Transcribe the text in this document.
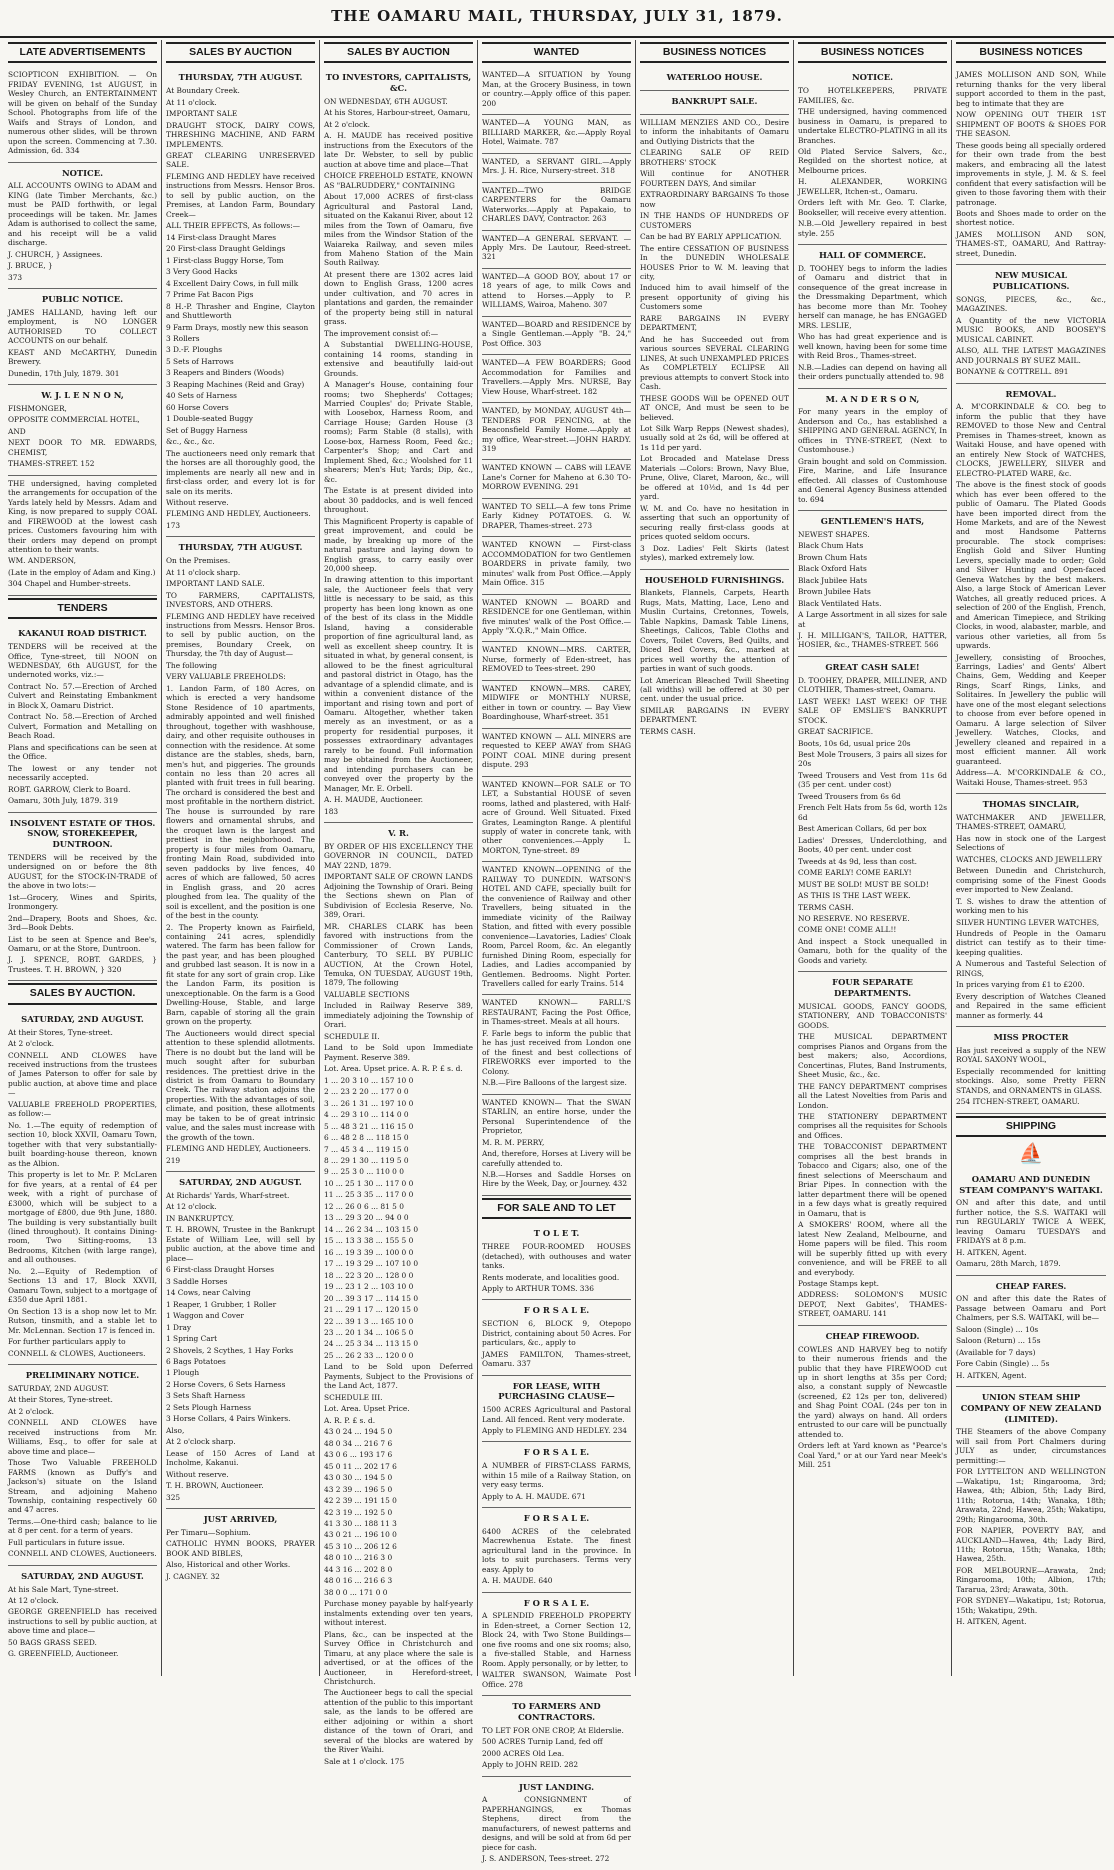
THE OAMARU MAIL, THURSDAY, JULY 31, 1879.
LATE ADVERTISEMENTS

SCIOPTICON EXHIBITION. — On FRIDAY EVENING, 1st AUGUST, in Wesley Church, an ENTERTAINMENT will be given on behalf of the Sunday School. Photographs from life of the Waifs and Strays of London, and numerous other slides, will be thrown upon the screen. Commencing at 7.30. Admission, 6d. 334

NOTICE.

ALL ACCOUNTS OWING to ADAM and KING (late Timber Merchants, &c.) must be PAID forthwith, or legal proceedings will be taken. Mr. James Adam is authorised to collect the same, and his receipt will be a valid discharge.

J. CHURCH, } Assignees.

J. BRUCE, }

373

PUBLIC NOTICE.

JAMES HALLAND, having left our employment, is NO LONGER AUTHORISED TO COLLECT ACCOUNTS on our behalf.

KEAST AND McCARTHY, Dunedin Brewery.

Dunedin, 17th July, 1879. 301

W. J. L E N N O N,

FISHMONGER,

OPPOSITE COMMERCIAL HOTEL,

AND

NEXT DOOR TO MR. EDWARDS, CHEMIST,

THAMES-STREET. 152

THE undersigned, having completed the arrangements for occupation of the Yards lately held by Messrs. Adam and King, is now prepared to supply COAL and FIREWOOD at the lowest cash prices. Customers favouring him with their orders may depend on prompt attention to their wants.

WM. ANDERSON,

(Late in the employ of Adam and King.)

304 Chapel and Humber-streets.

TENDERS
KAKANUI ROAD DISTRICT.

TENDERS will be received at the Office, Tyne-street, till NOON on WEDNESDAY, 6th AUGUST, for the undernoted works, viz.:—

Contract No. 57.—Erection of Arched Culvert and Reinstating Embankment in Block X, Oamaru District.

Contract No. 58.—Erection of Arched Culvert, Formation and Metalling on Beach Road.

Plans and specifications can be seen at the Office.

The lowest or any tender not necessarily accepted.

ROBT. GARROW, Clerk to Board.

Oamaru, 30th July, 1879. 319

INSOLVENT ESTATE OF THOS. SNOW, STOREKEEPER, DUNTROON.

TENDERS will be received by the undersigned on or before the 8th AUGUST, for the STOCK-IN-TRADE of the above in two lots:—

1st—Grocery, Wines and Spirits, Ironmongery.

2nd—Drapery, Boots and Shoes, &c. 3rd—Book Debts.

List to be seen at Spence and Bee's, Oamaru, or at the Store, Duntroon.

J. J. SPENCE, ROBT. GARDES, } Trustees. T. H. BROWN, } 320

SALES BY AUCTION.
SATURDAY, 2ND AUGUST.

At their Stores, Tyne-street.

At 2 o'clock.

CONNELL AND CLOWES have received instructions from the trustees of James Paterson to offer for sale by public auction, at above time and place—

VALUABLE FREEHOLD PROPERTIES, as follow:—

No. 1.—The equity of redemption of section 10, block XXVII, Oamaru Town, together with that very substantially-built boarding-house thereon, known as the Albion.

This property is let to Mr. P. McLaren for five years, at a rental of £4 per week, with a right of purchase of £3000, which will be subject to a mortgage of £800, due 9th June, 1880. The building is very substantially built (lined throughout). It contains Dining-room, Two Sitting-rooms, 13 Bedrooms, Kitchen (with large range), and all outhouses.

No. 2.—Equity of Redemption of Sections 13 and 17, Block XXVII, Oamaru Town, subject to a mortgage of £350 due April 1881.

On Section 13 is a shop now let to Mr. Rutson, tinsmith, and a stable let to Mr. McLennan. Section 17 is fenced in.

For further particulars apply to

CONNELL & CLOWES, Auctioneers.

PRELIMINARY NOTICE.

SATURDAY, 2ND AUGUST.

At their Stores, Tyne-street.

At 2 o'clock.

CONNELL AND CLOWES have received instructions from Mr. Williams, Esq., to offer for sale at above time and place—

Those Two Valuable FREEHOLD FARMS (known as Duffy's and Jackson's) situate on the Island Stream, and adjoining Maheno Township, containing respectively 60 and 47 acres.

Terms.—One-third cash; balance to lie at 8 per cent. for a term of years.

Full particulars in future issue.

CONNELL AND CLOWES, Auctioneers.

SATURDAY, 2ND AUGUST.

At his Sale Mart, Tyne-street.

At 12 o'clock.

GEORGE GREENFIELD has received instructions to sell by public auction, at above time and place—

50 BAGS GRASS SEED.

G. GREENFIELD, Auctioneer.

SALES BY AUCTION
THURSDAY, 7TH AUGUST.

At Boundary Creek.

At 11 o'clock.

IMPORTANT SALE

DRAUGHT STOCK, DAIRY COWS, THRESHING MACHINE, AND FARM IMPLEMENTS.

GREAT CLEARING UNRESERVED SALE.

FLEMING AND HEDLEY have received instructions from Messrs. Hensor Bros. to sell by public auction, on the Premises, at Landon Farm, Boundary Creek—

ALL THEIR EFFECTS, As follows:—

14 First-class Draught Mares

20 First-class Draught Geldings

1 First-class Buggy Horse, Tom

3 Very Good Hacks

4 Excellent Dairy Cows, in full milk

7 Prime Fat Bacon Pigs

8 H.-P. Thrasher and Engine, Clayton and Shuttleworth

9 Farm Drays, mostly new this season

3 Rollers

3 D.-F. Ploughs

5 Sets of Harrows

3 Reapers and Binders (Woods)

3 Reaping Machines (Reid and Gray)

40 Sets of Harness

60 Horse Covers

1 Double-seated Buggy

Set of Buggy Harness

&c., &c., &c.

The auctioneers need only remark that the horses are all thoroughly good, the implements are nearly all new and in first-class order, and every lot is for sale on its merits.

Without reserve.

FLEMING AND HEDLEY, Auctioneers.

173

THURSDAY, 7TH AUGUST.

On the Premises.

At 11 o'clock sharp.

IMPORTANT LAND SALE.

TO FARMERS, CAPITALISTS, INVESTORS, AND OTHERS.

FLEMING AND HEDLEY have received instructions from Messrs. Hensor Bros. to sell by public auction, on the premises, Boundary Creek, on Thursday, the 7th day of August—

The following

VERY VALUABLE FREEHOLDS:

1. Landon Farm, of 180 Acres, on which is erected a very handsome Stone Residence of 10 apartments, admirably appointed and well finished throughout, together with washhouse, dairy, and other requisite outhouses in connection with the residence. At some distance are the stables, sheds, barn, men's hut, and piggeries. The grounds contain no less than 20 acres all planted with fruit trees in full bearing. The orchard is considered the best and most profitable in the northern district. The house is surrounded by rare flowers and ornamental shrubs, and the croquet lawn is the largest and prettiest in the neighborhood. The property is four miles from Oamaru, fronting Main Road, subdivided into seven paddocks by live fences, 40 acres of which are fallowed, 50 acres in English grass, and 20 acres ploughed from lea. The quality of the soil is excellent, and the position is one of the best in the county.

2. The Property known as Fairfield, containing 241 acres, splendidly watered. The farm has been fallow for the past year, and has been ploughed and grubbed last season. It is now in a fit state for any sort of grain crop. Like the Landon Farm, its position is unexceptionable. On the farm is a Good Dwelling-House, Stable, and large Barn, capable of storing all the grain grown on the property.

The Auctioneers would direct special attention to these splendid allotments. There is no doubt but the land will be much sought after for suburban residences. The prettiest drive in the district is from Oamaru to Boundary Creek. The railway station adjoins the properties. With the advantages of soil, climate, and position, these allotments may be taken to be of great intrinsic value, and the sales must increase with the growth of the town.

FLEMING AND HEDLEY, Auctioneers.

219

SATURDAY, 2ND AUGUST.

At Richards' Yards, Wharf-street.

At 12 o'clock.

IN BANKRUPTCY.

T. H. BROWN, Trustee in the Bankrupt Estate of William Lee, will sell by public auction, at the above time and place—

6 First-class Draught Horses

3 Saddle Horses

14 Cows, near Calving

1 Reaper, 1 Grubber, 1 Roller

1 Waggon and Cover

1 Dray

1 Spring Cart

2 Shovels, 2 Scythes, 1 Hay Forks

6 Bags Potatoes

1 Plough

2 Horse Covers, 6 Sets Harness

3 Sets Shaft Harness

2 Sets Plough Harness

3 Horse Collars, 4 Pairs Winkers.

Also,

At 2 o'clock sharp.

Lease of 150 Acres of Land at Incholme, Kakanui.

Without reserve.

T. H. BROWN, Auctioneer.

325

JUST ARRIVED,

Per Timaru—Sophium.

CATHOLIC HYMN BOOKS, PRAYER BOOK AND BIBLES,

Also, Historical and other Works.

J. CAGNEY. 32

SALES BY AUCTION
TO INVESTORS, CAPITALISTS, &C.

ON WEDNESDAY, 6TH AUGUST.

At his Stores, Harbour-street, Oamaru,

At 2 o'clock.

A. H. MAUDE has received positive instructions from the Executors of the late Dr. Webster, to sell by public auction at above time and place—That

CHOICE FREEHOLD ESTATE, KNOWN AS "BALRUDDERY," CONTAINING

About 17,000 ACRES of first-class Agricultural and Pastoral Land, situated on the Kakanui River, about 12 miles from the Town of Oamaru, five miles from the Windsor Station of the Waiareka Railway, and seven miles from Maheno Station of the Main South Railway.

At present there are 1302 acres laid down to English Grass, 1200 acres under cultivation, and 70 acres in plantations and garden, the remainder of the property being still in natural grass.

The improvement consist of:—

A Substantial DWELLING-HOUSE, containing 14 rooms, standing in extensive and beautifully laid-out Grounds.

A Manager's House, containing four rooms; two Shepherds' Cottages; Married Couples' do; Private Stable, with Loosebox, Harness Room, and Carriage House; Garden House (3 rooms); Farm Stable (8 stalls), with Loose-box, Harness Room, Feed &c.; Carpenter's Shop; and Cart and Implement Shed, &c.; Woolshed for 11 shearers; Men's Hut; Yards; Dip, &c., &c.

The Estate is at present divided into about 30 paddocks, and is well fenced throughout.

This Magnificent Property is capable of great improvement, and could be made, by breaking up more of the natural pasture and laying down to English grass, to carry easily over 20,000 sheep.

In drawing attention to this important sale, the Auctioneer feels that very little is necessary to be said, as this property has been long known as one of the best of its class in the Middle Island, having a considerable proportion of fine agricultural land, as well as excellent sheep country. It is situated in what, by general consent, is allowed to be the finest agricultural and pastoral district in Otago, has the advantage of a splendid climate, and is within a convenient distance of the important and rising town and port of Oamaru. Altogether, whether taken merely as an investment, or as a property for residential purposes, it possesses extraordinary advantages rarely to be found. Full information may be obtained from the Auctioneer, and intending purchasers can be conveyed over the property by the Manager, Mr. E. Orbell.

A. H. MAUDE, Auctioneer.

183

V. R.

BY ORDER OF HIS EXCELLENCY THE GOVERNOR IN COUNCIL, DATED MAY 22ND, 1879.

IMPORTANT SALE OF CROWN LANDS Adjoining the Township of Orari. Being the Sections shewn on Plan of Subdivision of Ecclesia Reserve, No. 389, Orari.

MR. CHARLES CLARK has been favored with instructions from the Commissioner of Crown Lands, Canterbury, TO SELL BY PUBLIC AUCTION, At the Crown Hotel, Temuka, ON TUESDAY, AUGUST 19th, 1879, The following

VALUABLE SECTIONS

Included in Railway Reserve 389, immediately adjoining the Township of Orari.

SCHEDULE II.

Land to be Sold upon Immediate Payment. Reserve 389.

Lot. Area. Upset price. A. R. P. £ s. d.

1 ... 20 3 10 ... 157 10 0

2 ... 23 2 20 ... 177 0 0

3 ... 26 1 31 ... 197 10 0

4 ... 29 3 10 ... 114 0 0

5 ... 48 3 21 ... 116 15 0

6 ... 48 2 8 ... 118 15 0

7 ... 45 3 4 ... 119 15 0

8 ... 29 1 30 ... 119 5 0

9 ... 25 3 0 ... 110 0 0

10 ... 25 1 30 ... 117 0 0

11 ... 25 3 35 ... 117 0 0

12 ... 26 0 6 ... 81 5 0

13 ... 29 3 20 ... 94 0 0

14 ... 26 2 34 ... 103 15 0

15 ... 13 3 38 ... 155 5 0

16 ... 19 3 39 ... 100 0 0

17 ... 19 3 29 ... 107 10 0

18 ... 22 3 20 ... 128 0 0

19 ... 23 1 2 ... 103 10 0

20 ... 39 3 17 ... 114 15 0

21 ... 29 1 17 ... 120 15 0

22 ... 39 1 3 ... 165 10 0

23 ... 20 1 34 ... 106 5 0

24 ... 25 3 34 ... 113 15 0

25 ... 26 2 33 ... 120 0 0

Land to be Sold upon Deferred Payments, Subject to the Provisions of the Land Act, 1877.

SCHEDULE III.

Lot. Area. Upset Price.

A. R. P. £ s. d.

43 0 24 ... 194 5 0

48 0 34 ... 216 7 6

43 0 6 ... 193 17 6

45 0 11 ... 202 17 6

43 0 30 ... 194 5 0

43 2 39 ... 196 5 0

42 2 39 ... 191 15 0

42 3 19 ... 192 5 0

41 3 30 ... 188 11 3

43 0 21 ... 196 10 0

45 3 10 ... 206 12 6

48 0 10 ... 216 3 0

44 3 16 ... 202 8 0

48 0 16 ... 216 6 3

38 0 0 ... 171 0 0

Purchase money payable by half-yearly instalments extending over ten years, without interest.

Plans, &c., can be inspected at the Survey Office in Christchurch and Timaru, at any place where the sale is advertised, or at the offices of the Auctioneer, in Hereford-street, Christchurch.

The Auctioneer begs to call the special attention of the public to this important sale, as the lands to be offered are either adjoining or within a short distance of the town of Orari, and several of the blocks are watered by the River Waihi.

Sale at 1 o'clock. 175

WANTED

WANTED—A SITUATION by Young Man, at the Grocery Business, in town or country.—Apply office of this paper. 200

WANTED—A YOUNG MAN, as BILLIARD MARKER, &c.—Apply Royal Hotel, Waimate. 787

WANTED, a SERVANT GIRL.—Apply Mrs. J. H. Rice, Nursery-street. 318

WANTED—TWO BRIDGE CARPENTERS for the Oamaru Waterworks.—Apply at Papakaio, to CHARLES DAVY, Contractor. 263

WANTED—A GENERAL SERVANT. —Apply Mrs. De Lautour, Reed-street. 321

WANTED—A GOOD BOY, about 17 or 18 years of age, to milk Cows and attend to Horses.—Apply to P. WILLIAMS, Wairoa, Maheno. 307

WANTED—BOARD and RESIDENCE by a Single Gentleman.—Apply "B. 24," Post Office. 303

WANTED—A FEW BOARDERS; Good Accommodation for Families and Travellers.—Apply Mrs. NURSE, Bay View House, Wharf-street. 182

WANTED, by MONDAY, AUGUST 4th—TENDERS FOR FENCING, at the Beaconsfield Family Home.—Apply at my office, Wear-street.—JOHN HARDY. 319

WANTED KNOWN — CABS will LEAVE Lane's Corner for Maheno at 6.30 TO-MORROW EVENING. 291

WANTED TO SELL—A few tons Prime Early Kidney POTATOES. G. W. DRAPER, Thames-street. 273

WANTED KNOWN — First-class ACCOMMODATION for two Gentlemen BOARDERS in private family, two minutes' walk from Post Office.—Apply Main Office. 315

WANTED KNOWN — BOARD and RESIDENCE for one Gentleman, within five minutes' walk of the Post Office.—Apply "X.Q.R.," Main Office.

WANTED KNOWN—MRS. CARTER, Nurse, formerly of Eden-street, has REMOVED to Tees-street. 290

WANTED KNOWN—MRS. CAREY, MIDWIFE or MONTHLY NURSE, either in town or country. — Bay View Boardinghouse, Wharf-street. 351

WANTED KNOWN — ALL MINERS are requested to KEEP AWAY from SHAG POINT COAL MINE during present dispute. 293

WANTED KNOWN—FOR SALE or TO LET, a Substantial HOUSE of seven rooms, lathed and plastered, with Half-acre of Ground. Well Situated. Fixed Grates, Leamington Range. A plentiful supply of water in concrete tank, with other conveniences.—Apply L. MORTON, Tyne-street. 89

WANTED KNOWN—OPENING of the RAILWAY TO DUNEDIN. WATSON'S HOTEL AND CAFE, specially built for the convenience of Railway and other Travellers, being situated in the immediate vicinity of the Railway Station, and fitted with every possible convenience—Lavatories, Ladies' Cloak Room, Parcel Room, &c. An elegantly furnished Dining Room, especially for Ladies, and Ladies accompanied by Gentlemen. Bedrooms. Night Porter. Travellers called for early Trains. 514

WANTED KNOWN— FARLL'S RESTAURANT, Facing the Post Office, in Thames-street. Meals at all hours.

F. Farle begs to inform the public that he has just received from London one of the finest and best collections of FIREWORKS ever imported to the Colony.

N.B.—Fire Balloons of the largest size.

WANTED KNOWN— That the SWAN STARLIN, an entire horse, under the Personal Superintendence of the Proprietor,

M. R. M. PERRY,

And, therefore, Horses at Livery will be carefully attended to.

N.B.—Horses and Saddle Horses on Hire by the Week, Day, or Journey. 432

FOR SALE AND TO LET
T O L E T.

THREE FOUR-ROOMED HOUSES (detached), with outhouses and water tanks.

Rents moderate, and localities good.

Apply to ARTHUR TOMS. 336

F O R S A L E.

SECTION 6, BLOCK 9, Otepopo District, containing about 50 Acres. For particulars, &c., apply to

JAMES FAMILTON, Thames-street, Oamaru. 337

FOR LEASE, WITH PURCHASING CLAUSE—

1500 ACRES Agricultural and Pastoral Land. All fenced. Rent very moderate.

Apply to FLEMING AND HEDLEY. 234

F O R S A L E.

A NUMBER of FIRST-CLASS FARMS, within 15 mile of a Railway Station, on very easy terms.

Apply to A. H. MAUDE. 671

F O R S A L E.

6400 ACRES of the celebrated Macrewhenua Estate. The finest agricultural land in the province. In lots to suit purchasers. Terms very easy. Apply to

A. H. MAUDE. 640

F O R S A L E.

A SPLENDID FREEHOLD PROPERTY in Eden-street, a Corner Section 12, Block 24, with Two Stone Buildings—one five rooms and one six rooms; also, a five-stalled Stable, and Harness Room. Apply personally, or by letter, to

WALTER SWANSON, Waimate Post Office. 278

TO FARMERS AND CONTRACTORS.

TO LET FOR ONE CROP, At Elderslie.

500 ACRES Turnip Land, fed off

2000 ACRES Old Lea.

Apply to JOHN REID. 282

JUST LANDING.

A CONSIGNMENT of PAPERHANGINGS, ex Thomas Stephens, direct from the manufacturers, of newest patterns and designs, and will be sold at from 6d per piece for cash.

J. S. ANDERSON, Tees-street. 272

BUSINESS NOTICES
WATERLOO HOUSE.
BANKRUPT SALE.

WILLIAM MENZIES AND CO., Desire to inform the inhabitants of Oamaru and Outlying Districts that the

CLEARING SALE OF REID BROTHERS' STOCK

Will continue for ANOTHER FOURTEEN DAYS, And similar

EXTRAORDINARY BARGAINS To those now

IN THE HANDS OF HUNDREDS OF CUSTOMERS

Can be had BY EARLY APPLICATION.

The entire CESSATION OF BUSINESS In the DUNEDIN WHOLESALE HOUSES Prior to W. M. leaving that city,

Induced him to avail himself of the present opportunity of giving his Customers some

RARE BARGAINS IN EVERY DEPARTMENT,

And he has Succeeded out from various sources SEVERAL CLEARING LINES, At such UNEXAMPLED PRICES As COMPLETELY ECLIPSE All previous attempts to convert Stock into Cash.

THESE GOODS Will be OPENED OUT AT ONCE, And must be seen to be believed.

Lot Silk Warp Repps (Newest shades), usually sold at 2s 6d, will be offered at 1s 11d per yard.

Lot Brocaded and Matelase Dress Materials —Colors: Brown, Navy Blue, Prune, Olive, Claret, Maroon, &c., will be offered at 10½d, and 1s 4d per yard.

W. M. and Co. have no hesitation in asserting that such an opportunity of securing really first-class goods at prices quoted seldom occurs.

3 Doz. Ladies' Felt Skirts (latest styles), marked extremely low.

HOUSEHOLD FURNISHINGS.

Blankets, Flannels, Carpets, Hearth Rugs, Mats, Matting, Lace, Leno and Muslin Curtains, Cretonnes, Towels, Table Napkins, Damask Table Linens, Sheetings, Calicos, Table Cloths and Covers, Toilet Covers, Bed Quilts, and Diced Bed Covers, &c., marked at prices well worthy the attention of parties in want of such goods.

Lot American Bleached Twill Sheeting (all widths) will be offered at 30 per cent. under the usual price.

SIMILAR BARGAINS IN EVERY DEPARTMENT.

TERMS CASH.

BUSINESS NOTICES
NOTICE.

TO HOTELKEEPERS, PRIVATE FAMILIES, &c.

THE undersigned, having commenced business in Oamaru, is prepared to undertake ELECTRO-PLATING in all its Branches.

Old Plated Service Salvers, &c., Regilded on the shortest notice, at Melbourne prices.

H. ALEXANDER, WORKING JEWELLER, Itchen-st., Oamaru.

Orders left with Mr. Geo. T. Clarke, Bookseller, will receive every attention.

N.B.—Old Jewellery repaired in best style. 255

HALL OF COMMERCE.

D. TOOHEY begs to inform the ladies of Oamaru and district that in consequence of the great increase in the Dressmaking Department, which has become more than Mr. Toohey herself can manage, he has ENGAGED MRS. LESLIE,

Who has had great experience and is well known, having been for some time with Reid Bros., Thames-street.

N.B.—Ladies can depend on having all their orders punctually attended to. 98

M. A N D E R S O N,

For many years in the employ of Anderson and Co., has established a SHIPPING AND GENERAL AGENCY, In offices in TYNE-STREET, (Next to Customhouse.)

Grain bought and sold on Commission. Fire, Marine, and Life Insurance effected. All classes of Customhouse and General Agency Business attended to. 694

GENTLEMEN'S HATS,

NEWEST SHAPES.

Black Chum Hats

Brown Chum Hats

Black Oxford Hats

Black Jubilee Hats

Brown Jubilee Hats

Black Ventilated Hats.

A Large Assortment in all sizes for sale at

J. H. MILLIGAN'S, TAILOR, HATTER, HOSIER, &c., THAMES-STREET. 566

GREAT CASH SALE!

D. TOOHEY, DRAPER, MILLINER, AND CLOTHIER, Thames-street, Oamaru.

LAST WEEK! LAST WEEK! OF THE SALE OF EMSLIE'S BANKRUPT STOCK.

GREAT SACRIFICE.

Boots, 10s 6d, usual price 20s

Best Mole Trousers, 3 pairs all sizes for 20s

Tweed Trousers and Vest from 11s 6d (35 per cent. under cost)

Tweed Trousers from 6s 6d

French Felt Hats from 5s 6d, worth 12s 6d

Best American Collars, 6d per box

Ladies' Dresses, Underclothing, and Boots, 40 per cent. under cost

Tweeds at 4s 9d, less than cost.

COME EARLY! COME EARLY!

MUST BE SOLD! MUST BE SOLD!

AS THIS IS THE LAST WEEK.

TERMS CASH.

NO RESERVE. NO RESERVE.

COME ONE! COME ALL!!

And inspect a Stock unequalled in Oamaru, both for the quality of the Goods and variety.

FOUR SEPARATE DEPARTMENTS.

MUSICAL GOODS, FANCY GOODS, STATIONERY, AND TOBACCONISTS' GOODS.

THE MUSICAL DEPARTMENT comprises Pianos and Organs from the best makers; also, Accordions, Concertinas, Flutes, Band Instruments, Sheet Music, &c., &c.

THE FANCY DEPARTMENT comprises all the Latest Novelties from Paris and London.

THE STATIONERY DEPARTMENT comprises all the requisites for Schools and Offices.

THE TOBACCONIST DEPARTMENT comprises all the best brands in Tobacco and Cigars; also, one of the finest selections of Meerschaum and Briar Pipes. In connection with the latter department there will be opened in a few days what is greatly required in Oamaru, that is

A SMOKERS' ROOM, where all the latest New Zealand, Melbourne, and Home papers will be filed. This room will be superbly fitted up with every convenience, and will be FREE to all and everybody.

Postage Stamps kept.

ADDRESS: SOLOMON'S MUSIC DEPOT, Next Gabites', THAMES-STREET, OAMARU. 141

CHEAP FIREWOOD.

COWLES AND HARVEY beg to notify to their numerous friends and the public that they have FIREWOOD cut up in short lengths at 35s per Cord; also, a constant supply of Newcastle (screened, £2 12s per ton, delivered) and Shag Point COAL (24s per ton in the yard) always on hand. All orders entrusted to our care will be punctually attended to.

Orders left at Yard known as "Pearce's Coal Yard," or at our Yard near Meek's Mill. 251

BUSINESS NOTICES

JAMES MOLLISON AND SON, While returning thanks for the very liberal support accorded to them in the past, beg to intimate that they are

NOW OPENING OUT THEIR 1ST SHIPMENT OF BOOTS & SHOES FOR THE SEASON.

These goods being all specially ordered for their own trade from the best makers, and embracing all the latest improvements in style, J. M. & S. feel confident that every satisfaction will be given to those favoring them with their patronage.

Boots and Shoes made to order on the shortest notice.

JAMES MOLLISON AND SON, THAMES-ST., OAMARU, And Rattray-street, Dunedin.

NEW MUSICAL PUBLICATIONS.

SONGS, PIECES, &c., &c., MAGAZINES.

A Quantity of the new VICTORIA MUSIC BOOKS, AND BOOSEY'S MUSICAL CABINET.

ALSO, ALL THE LATEST MAGAZINES AND JOURNALS BY SUEZ MAIL.

BONAYNE & COTTRELL. 891

REMOVAL.

A. M'CORKINDALE & CO. beg to inform the public that they have REMOVED to those New and Central Premises in Thames-street, known as Waitaki House, and have opened with an entirely New Stock of WATCHES, CLOCKS, JEWELLERY, SILVER and ELECTRO-PLATED WARE, &c.

The above is the finest stock of goods which has ever been offered to the public of Oamaru. The Plated Goods have been imported direct from the Home Markets, and are of the Newest and most Handsome Patterns procurable. The stock comprises: English Gold and Silver Hunting Levers, specially made to order; Gold and Silver Hunting and Open-faced Geneva Watches by the best makers. Also, a large Stock of American Lever Watches, all greatly reduced prices. A selection of 200 of the English, French, and American Timepiece, and Striking Clocks, in wood, alabaster, marble, and various other varieties, all from 5s upwards.

Jewellery, consisting of Brooches, Earrings, Ladies' and Gents' Albert Chains, Gem, Wedding and Keeper Rings, Scarf Rings, Links, and Solitaires. In Jewellery the public will have one of the most elegant selections to choose from ever before opened in Oamaru. A large selection of Silver Jewellery. Watches, Clocks, and Jewellery cleaned and repaired in a most efficient manner. All work guaranteed.

Address—A. M'CORKINDALE & CO., Waitaki House, Thames-street. 953

THOMAS SINCLAIR,

WATCHMAKER AND JEWELLER, THAMES-STREET, OAMARU,

Has now in stock one of the Largest Selections of

WATCHES, CLOCKS AND JEWELLERY

Between Dunedin and Christchurch, comprising some of the Finest Goods ever imported to New Zealand.

T. S. wishes to draw the attention of working men to his

SILVER HUNTING LEVER WATCHES,

Hundreds of People in the Oamaru district can testify as to their time-keeping qualities.

A Numerous and Tasteful Selection of RINGS,

In prices varying from £1 to £200.

Every description of Watches Cleaned and Repaired in the same efficient manner as formerly. 44

MISS PROCTER

Has just received a supply of the NEW ROYAL SAXONY WOOL,

Especially recommended for knitting stockings. Also, some Pretty FERN STANDS, and ORNAMENTS in GLASS.

254 ITCHEN-STREET, OAMARU.

SHIPPING
⛵
OAMARU AND DUNEDIN STEAM COMPANY'S WAITAKI.

ON and after this date, and until further notice, the S.S. WAITAKI will run REGULARLY TWICE A WEEK, leaving Oamaru TUESDAYS and FRIDAYS at 8 p.m.

H. AITKEN, Agent.

Oamaru, 28th March, 1879.

CHEAP FARES.

ON and after this date the Rates of Passage between Oamaru and Port Chalmers, per S.S. WAITAKI, will be—

Saloon (Single) ... 10s

Saloon (Return) ... 15s

(Available for 7 days)

Fore Cabin (Single) ... 5s

H. AITKEN, Agent.

UNION STEAM SHIP COMPANY OF NEW ZEALAND (LIMITED).

THE Steamers of the above Company will sail from Port Chalmers during JULY as under, circumstances permitting:—

FOR LYTTELTON AND WELLINGTON —Wakatipu, 1st; Ringarooma, 3rd; Hawea, 4th; Albion, 5th; Lady Bird, 11th; Rotorua, 14th; Wanaka, 18th; Arawata, 22nd; Hawea, 25th; Wakatipu, 29th; Ringarooma, 30th.

FOR NAPIER, POVERTY BAY, and AUCKLAND—Hawea, 4th; Lady Bird, 11th; Rotorua, 15th; Wanaka, 18th; Hawea, 25th.

FOR MELBOURNE—Arawata, 2nd; Ringarooma, 10th; Albion, 17th; Tararua, 23rd; Arawata, 30th.

FOR SYDNEY—Wakatipu, 1st; Rotorua, 15th; Wakatipu, 29th.

H. AITKEN, Agent.
